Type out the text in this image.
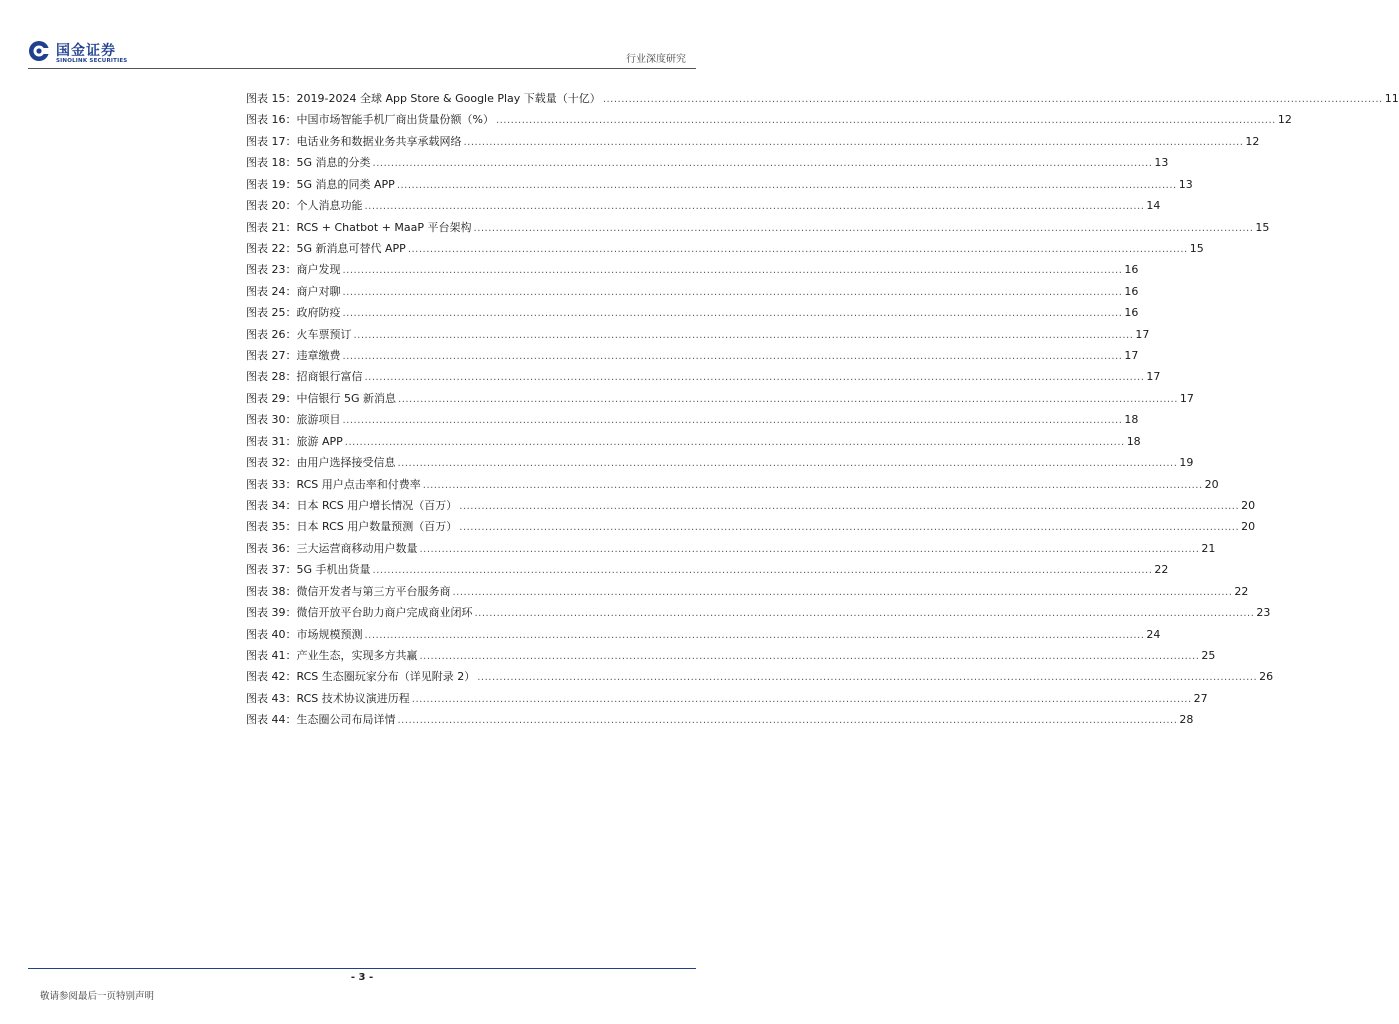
国金证券
SINOLINK SECURITIES	行业深度研究
图表 15： 2019-2024 全球 App Store & Google Play 下载量（十亿） .....	11
图表 16： 中国市场智能手机厂商出货量份额（%） .....	12
图表 17： 电话业务和数据业务共享承载网络 .....	12
图表 18： 5G 消息的分类 .....	13
图表 19： 5G 消息的同类 APP .....	13
图表 20： 个人消息功能 .....	14
图表 21： RCS + Chatbot + MaaP 平台架构 .....	15
图表 22： 5G 新消息可替代 APP .....	15
图表 23： 商户发现 .....	16
图表 24： 商户对聊 .....	16
图表 25： 政府防疫 .....	16
图表 26： 火车票预订 .....	17
图表 27： 违章缴费 .....	17
图表 28： 招商银行富信 .....	17
图表 29： 中信银行 5G 新消息 .....	17
图表 30： 旅游项目 .....	18
图表 31： 旅游 APP .....	18
图表 32： 由用户选择接受信息 .....	19
图表 33： RCS 用户点击率和付费率 .....	20
图表 34： 日本 RCS 用户增长情况（百万） .....	20
图表 35： 日本 RCS 用户数量预测（百万） .....	20
图表 36： 三大运营商移动用户数量 .....	21
图表 37： 5G 手机出货量 .....	22
图表 38： 微信开发者与第三方平台服务商 .....	22
图表 39： 微信开放平台助力商户完成商业闭环 .....	23
图表 40： 市场规模预测 .....	24
图表 41： 产业生态，实现多方共赢 .....	25
图表 42： RCS 生态圈玩家分布（详见附录 2） .....	26
图表 43： RCS 技术协议演进历程 .....	27
图表 44： 生态圈公司布局详情 .....	28
- 3 -
敬请参阅最后一页特别声明
